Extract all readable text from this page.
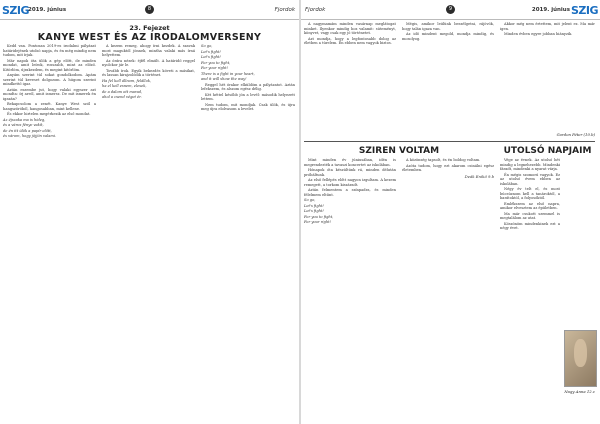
SZIG
2019. június	8	Fjordok
23. Fejezet
KANYE WEST ÉS AZ IRODALOMVERSENY

Kedd van. Pontosan 2019-es irodalmi pályázat határidejének utolsó napja, és én még mindig nem tudom, mit írjak.

Már napok óta ülök a gép előtt, de minden mondat, amit leírok, rosszabb, mint az előző. Kitörlöm, újrakezdem, és megint kitörlöm.

Anyám szerint túl sokat gondolkodom. Apám szerint túl keveset dolgozom. A húgom szerint mindkettő igaz.

Aztán eszembe jut, hogy valaki egyszer azt mondta: írj arról, amit ismersz. De mit ismerek én igazán?

Bekapcsolom a zenét. Kanye West szól a hangszóróból, hangosabban, mint kellene.

És ekkor hirtelen megérkezik az első mondat.

Az éjszaka ma is hideg,

és a város fénye vakít,

de én itt ülök a papír előtt,

és várom, hogy jöjjön valami.

A kezem remeg, ahogy írni kezdek. A szavak most maguktól jönnek, mintha valaki más írná helyettem.

Az órára nézek: éjfél elmúlt. A határidő reggel nyolckor jár le.

Tovább írok. Egyik bekezdés követi a másikat, és lassan kirajzolódik a történet.

Ha fel kell állnom, felállok,

ha el kell esnem, elesek,

de a dalom ott marad,

ahol a csend véget ér.

So go,

Let's fight!

Let's fight!

For you to fight,

For your right!

There is a fight in your heart,

and it will show the way!

Reggel hét órakor elküldöm a pályázatot. Aztán lefekszem, és alszom egész délig.

Két héttel később jön a levél: második helyezett lettem.

Nem tudom, mit mondjak. Csak ülök, és újra meg újra elolvasom a levelet.

Fjordok	9	2019. június SZIG

A nagymamám minden vasárnap meglátogat minket. Ilyenkor mindig hoz valamit: süteményt, könyvet, vagy csak egy jó történetet.

Azt mondja, hogy a legfontosabb dolog az életben a türelem. Én ebben nem vagyok biztos.

Mégis, amikor leülünk beszélgetni, rájövök, hogy talán igaza van.

Az idő mindent megold, mondja mindig, és mosolyog.

Akkor még nem értettem, mit jelent ez. Ma már igen.

Minden évben egyre jobban hiányzik.

Gordon Péter (10.b)
SZIREN VOLTAM

Mint minden év júniusában, idén is megrendezték a tavaszi koncertet az iskolában.

Hónapok óta készültünk rá, minden délután próbáltunk.

Az első fellépés előtt nagyon izgultam. A kezem remegett, a torkom kiszáradt.

Aztán felmentem a színpadra, és minden félelmem eltűnt.

So go,

Let's fight!

Let's fight!

For you to fight,

For your right!

A közönség tapsolt, és én boldog voltam.

Azóta tudom, hogy ezt akarom csinálni egész életemben.

Deák Enikő 9.b
UTOLSÓ NAPJAIM

Vége az évnek. Az utolsó hét mindig a legnehezebb. Mindenki fáradt, mindenki a nyarat várja.

Én mégis szomorú vagyok. Ez az utolsó évem ebben az iskolában.

Négy év telt el, és most búcsúznom kell a tanároktól, a barátoktól, a folyosóktól.

Emlékszem az első napra, amikor elvesztem az épületben.

Ma már csukott szemmel is megtalálom az utat.

Köszönöm mindenkinek ezt a négy évet.

Nagy Anna 12.c
